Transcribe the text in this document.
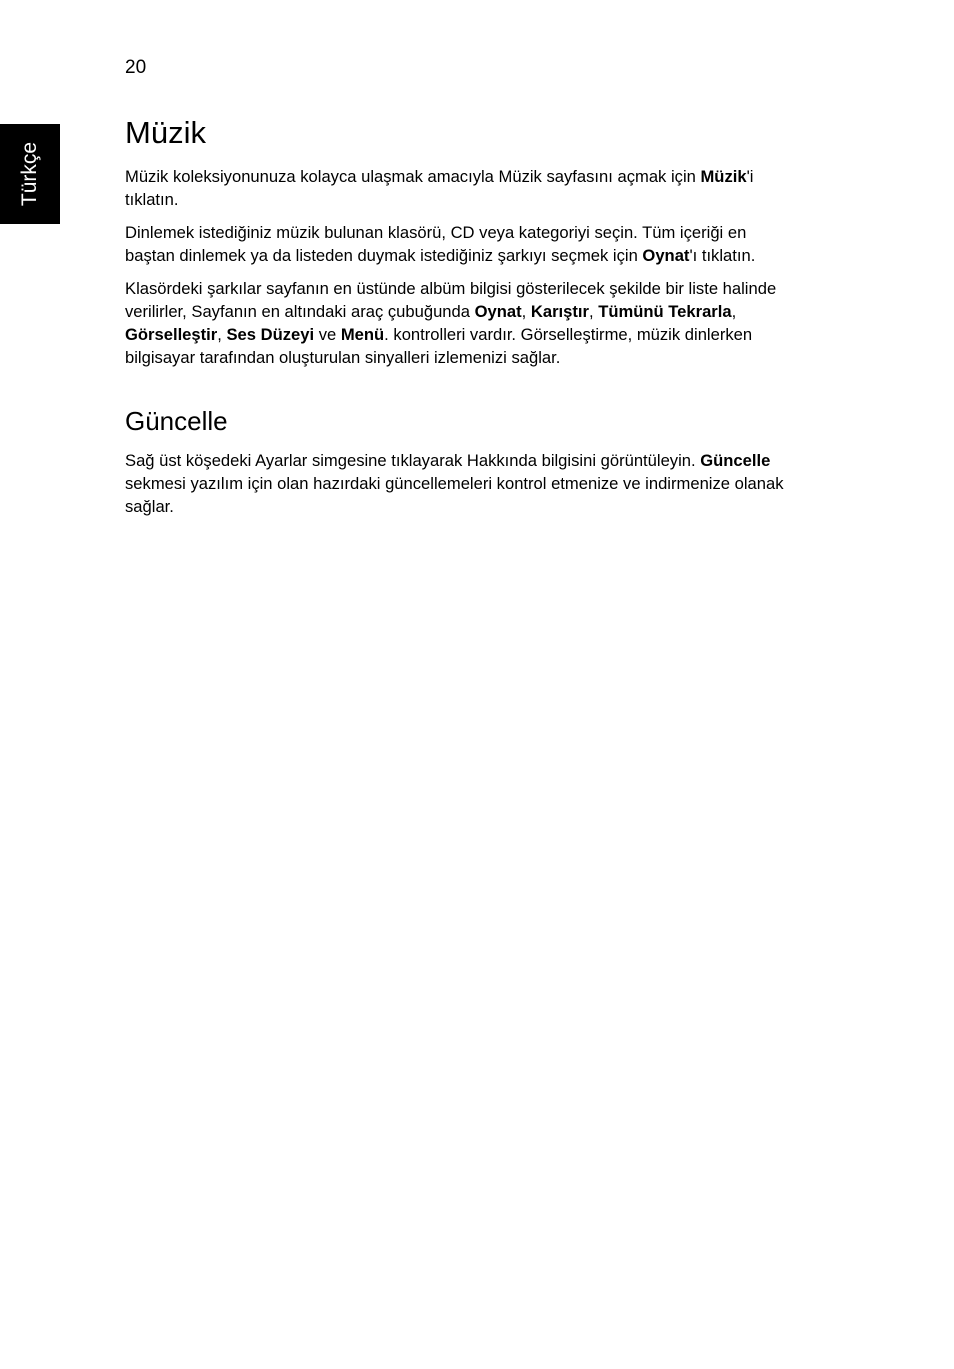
20
Türkçe
Müzik

Müzik koleksiyonunuza kolayca ulaşmak amacıyla Müzik sayfasını açmak için Müzik'i tıklatın.

Dinlemek istediğiniz müzik bulunan klasörü, CD veya kategoriyi seçin. Tüm içeriği en baştan dinlemek ya da listeden duymak istediğiniz şarkıyı seçmek için Oynat'ı tıklatın.

Klasördeki şarkılar sayfanın en üstünde albüm bilgisi gösterilecek şekilde bir liste halinde verilirler, Sayfanın en altındaki araç çubuğunda Oynat, Karıştır, Tümünü Tekrarla, Görselleştir, Ses Düzeyi ve Menü. kontrolleri vardır. Görselleştirme, müzik dinlerken bilgisayar tarafından oluşturulan sinyalleri izlemenizi sağlar.

Güncelle

Sağ üst köşedeki Ayarlar simgesine tıklayarak Hakkında bilgisini görüntüleyin. Güncelle sekmesi yazılım için olan hazırdaki güncellemeleri kontrol etmenize ve indirmenize olanak sağlar.
